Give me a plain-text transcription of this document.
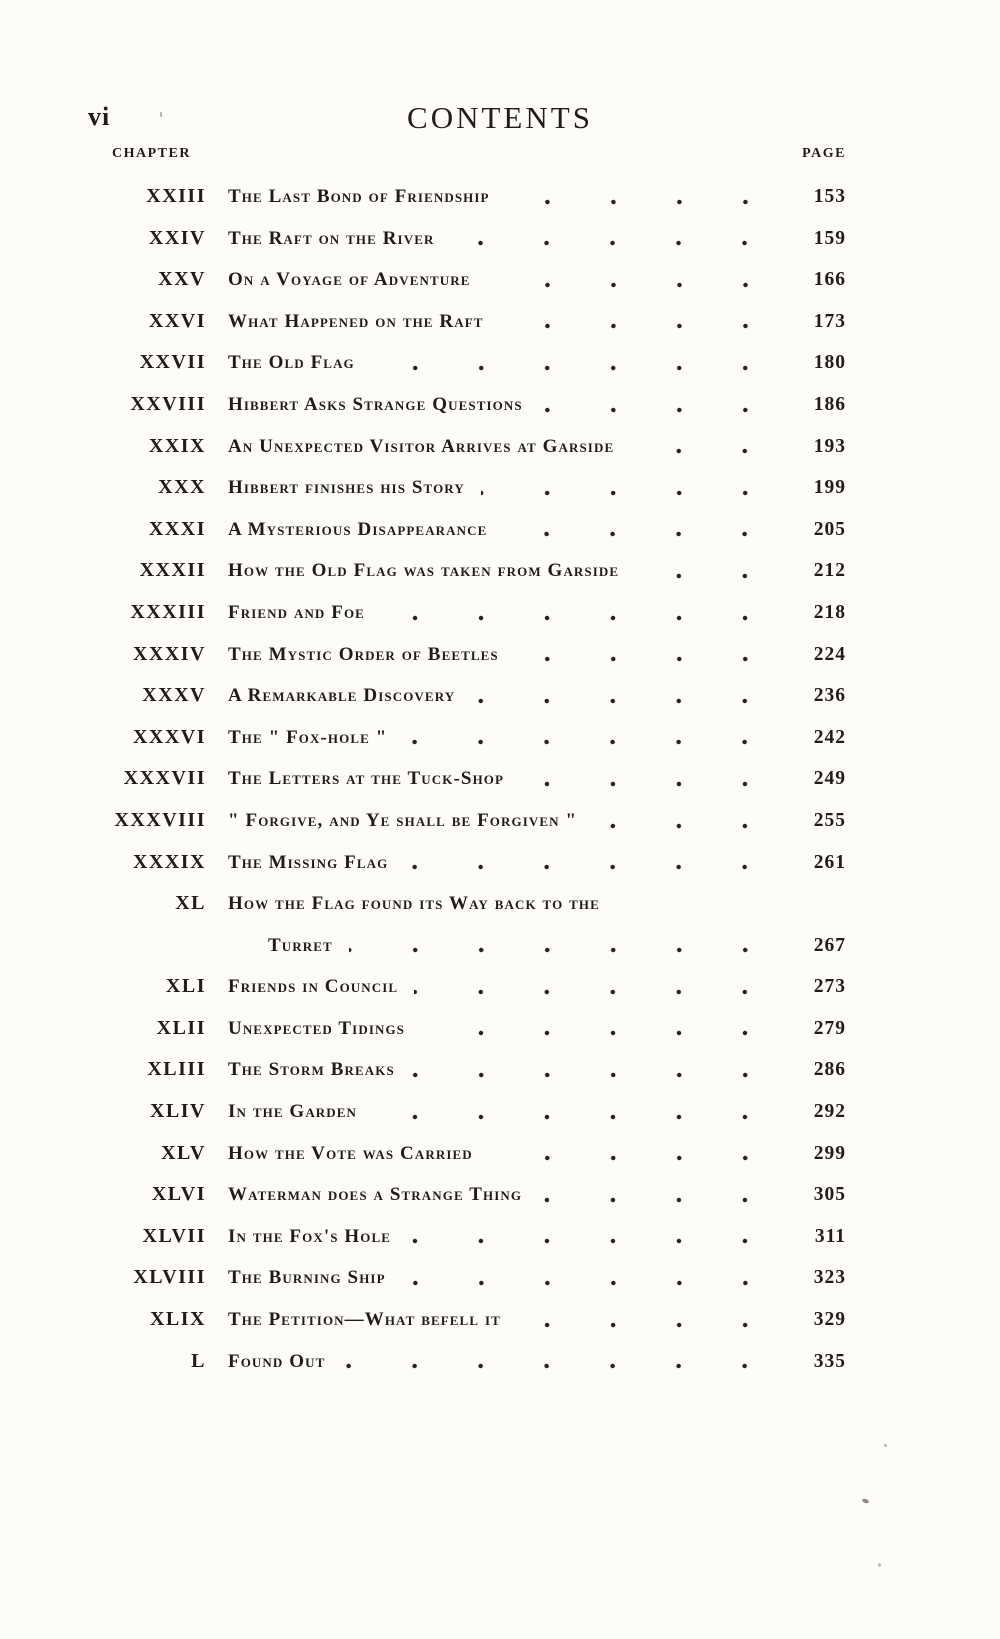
vi	CONTENTS
CHAPTER	PAGE
XXIII The Last Bond of Friendship	153
XXIV The Raft on the River	159
XXV On a Voyage of Adventure	166
XXVI What Happened on the Raft	173
XXVII The Old Flag	180
XXVIII Hibbert Asks Strange Questions	186
XXIX An Unexpected Visitor Arrives at Garside	193
XXX Hibbert finishes his Story	199
XXXI A Mysterious Disappearance	205
XXXII How the Old Flag was taken from Garside	212
XXXIII Friend and Foe	218
XXXIV The Mystic Order of Beetles	224
XXXV A Remarkable Discovery	236
XXXVI The " Fox-hole "	242
XXXVII The Letters at the Tuck-Shop	249
XXXVIII " Forgive, and Ye shall be Forgiven "	255
XXXIX The Missing Flag	261
XL How the Flag found its Way back to the
Turret	267
XLI Friends in Council	273
XLII Unexpected Tidings	279
XLIII The Storm Breaks	286
XLIV In the Garden	292
XLV How the Vote was Carried	299
XLVI Waterman does a Strange Thing	305
XLVII In the Fox's Hole	311
XLVIII The Burning Ship	323
XLIX The Petition—What befell it	329
L Found Out	335
